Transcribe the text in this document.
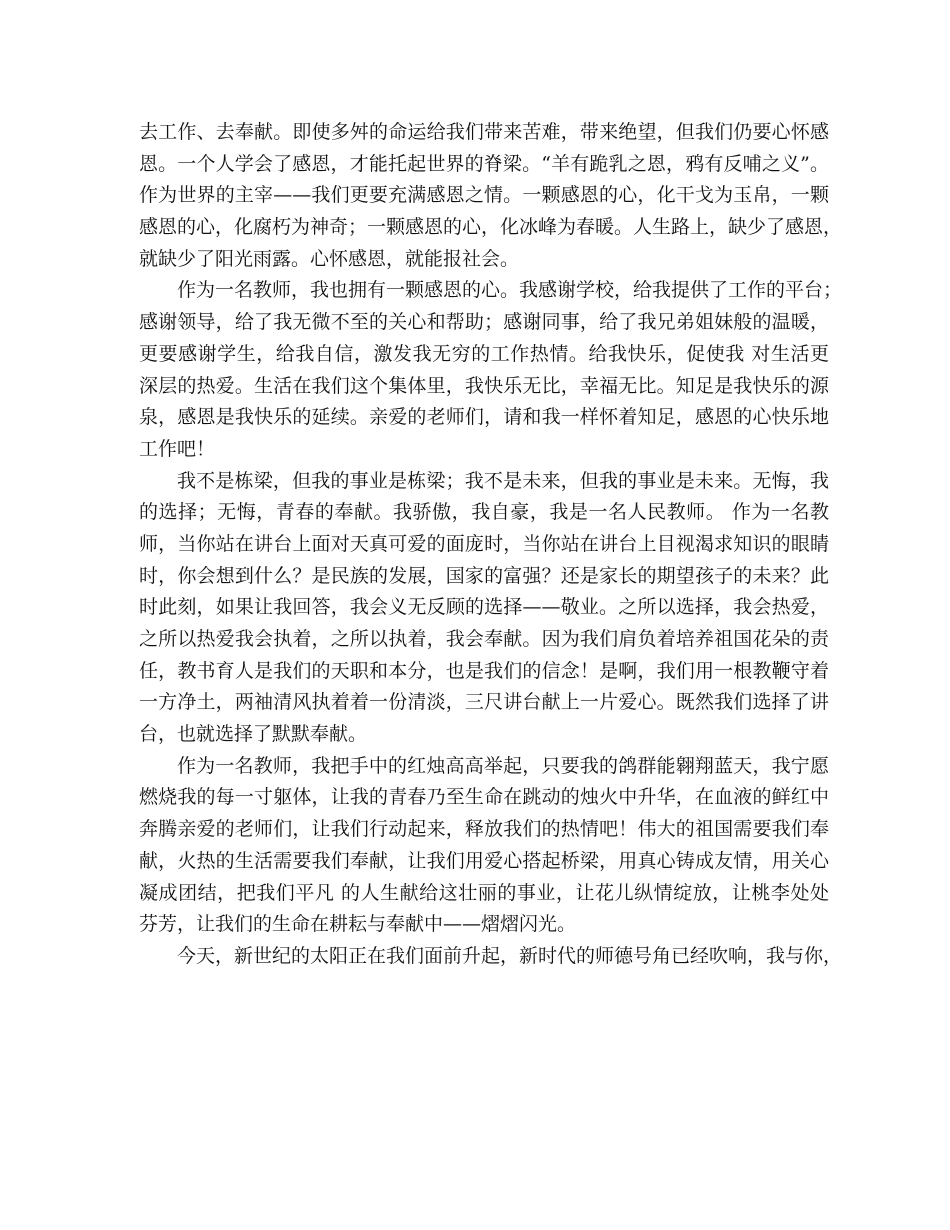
去工作、去奉献。即使多舛的命运给我们带来苦难，带来绝望，但我们仍要心怀感
恩。一个人学会了感恩，才能托起世界的脊梁。“羊有跪乳之恩，鸦有反哺之义”。
作为世界的主宰——我们更要充满感恩之情。一颗感恩的心，化干戈为玉帛，一颗
感恩的心，化腐朽为神奇；一颗感恩的心，化冰峰为春暖。人生路上，缺少了感恩，
就缺少了阳光雨露。心怀感恩，就能报社会。
作为一名教师，我也拥有一颗感恩的心。我感谢学校，给我提供了工作的平台；
感谢领导，给了我无微不至的关心和帮助；感谢同事，给了我兄弟姐妹般的温暖，
更要感谢学生，给我自信，激发我无穷的工作热情。给我快乐，促使我 对生活更
深层的热爱。生活在我们这个集体里，我快乐无比，幸福无比。知足是我快乐的源
泉，感恩是我快乐的延续。亲爱的老师们，请和我一样怀着知足，感恩的心快乐地
工作吧！
我不是栋梁，但我的事业是栋梁；我不是未来，但我的事业是未来。无悔，我
的选择；无悔，青春的奉献。我骄傲，我自豪，我是一名人民教师。 作为一名教
师，当你站在讲台上面对天真可爱的面庞时，当你站在讲台上目视渴求知识的眼睛
时，你会想到什么？是民族的发展，国家的富强？还是家长的期望孩子的未来？此
时此刻，如果让我回答，我会义无反顾的选择——敬业。之所以选择，我会热爱，
之所以热爱我会执着，之所以执着，我会奉献。因为我们肩负着培养祖国花朵的责
任，教书育人是我们的天职和本分，也是我们的信念！是啊，我们用一根教鞭守着
一方净土，两袖清风执着着一份清淡，三尺讲台献上一片爱心。既然我们选择了讲
台，也就选择了默默奉献。
作为一名教师，我把手中的红烛高高举起，只要我的鸽群能翱翔蓝天，我宁愿
燃烧我的每一寸躯体，让我的青春乃至生命在跳动的烛火中升华，在血液的鲜红中
奔腾亲爱的老师们，让我们行动起来，释放我们的热情吧！伟大的祖国需要我们奉
献，火热的生活需要我们奉献，让我们用爱心搭起桥梁，用真心铸成友情，用关心
凝成团结，把我们平凡 的人生献给这壮丽的事业，让花儿纵情绽放，让桃李处处
芬芳，让我们的生命在耕耘与奉献中——熠熠闪光。
今天，新世纪的太阳正在我们面前升起，新时代的师德号角已经吹响，我与你，
